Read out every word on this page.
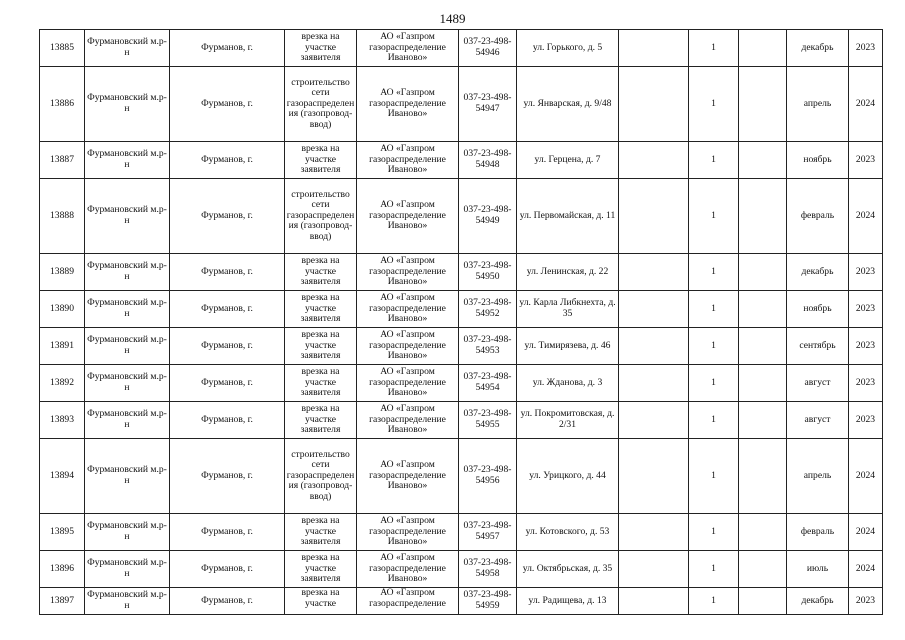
1489
13885	Фурмановский м.р-н	Фурманов, г.	врезка на участке заявителя	АО «Газпром газораспределение Иваново»	037-23-498-54946	ул. Горького, д. 5		1		декабрь	2023
13886	Фурмановский м.р-н	Фурманов, г.	строительство сети газораспределения (газопровод-ввод)	АО «Газпром газораспределение Иваново»	037-23-498-54947	ул. Январская, д. 9/48		1		апрель	2024
13887	Фурмановский м.р-н	Фурманов, г.	врезка на участке заявителя	АО «Газпром газораспределение Иваново»	037-23-498-54948	ул. Герцена, д. 7		1		ноябрь	2023
13888	Фурмановский м.р-н	Фурманов, г.	строительство сети газораспределения (газопровод-ввод)	АО «Газпром газораспределение Иваново»	037-23-498-54949	ул. Первомайская, д. 11		1		февраль	2024
13889	Фурмановский м.р-н	Фурманов, г.	врезка на участке заявителя	АО «Газпром газораспределение Иваново»	037-23-498-54950	ул. Ленинская, д. 22		1		декабрь	2023
13890	Фурмановский м.р-н	Фурманов, г.	врезка на участке заявителя	АО «Газпром газораспределение Иваново»	037-23-498-54952	ул. Карла Либкнехта, д. 35		1		ноябрь	2023
13891	Фурмановский м.р-н	Фурманов, г.	врезка на участке заявителя	АО «Газпром газораспределение Иваново»	037-23-498-54953	ул. Тимирязева, д. 46		1		сентябрь	2023
13892	Фурмановский м.р-н	Фурманов, г.	врезка на участке заявителя	АО «Газпром газораспределение Иваново»	037-23-498-54954	ул. Жданова, д. 3		1		август	2023
13893	Фурмановский м.р-н	Фурманов, г.	врезка на участке заявителя	АО «Газпром газораспределение Иваново»	037-23-498-54955	ул. Покромитовская, д. 2/31		1		август	2023
13894	Фурмановский м.р-н	Фурманов, г.	строительство сети газораспределения (газопровод-ввод)	АО «Газпром газораспределение Иваново»	037-23-498-54956	ул. Урицкого, д. 44		1		апрель	2024
13895	Фурмановский м.р-н	Фурманов, г.	врезка на участке заявителя	АО «Газпром газораспределение Иваново»	037-23-498-54957	ул. Котовского, д. 53		1		февраль	2024
13896	Фурмановский м.р-н	Фурманов, г.	врезка на участке заявителя	АО «Газпром газораспределение Иваново»	037-23-498-54958	ул. Октябрьская, д. 35		1		июль	2024
13897	Фурмановский м.р-н	Фурманов, г.	врезка на участке	АО «Газпром газораспределение	037-23-498-54959	ул. Радищева, д. 13		1		декабрь	2023
